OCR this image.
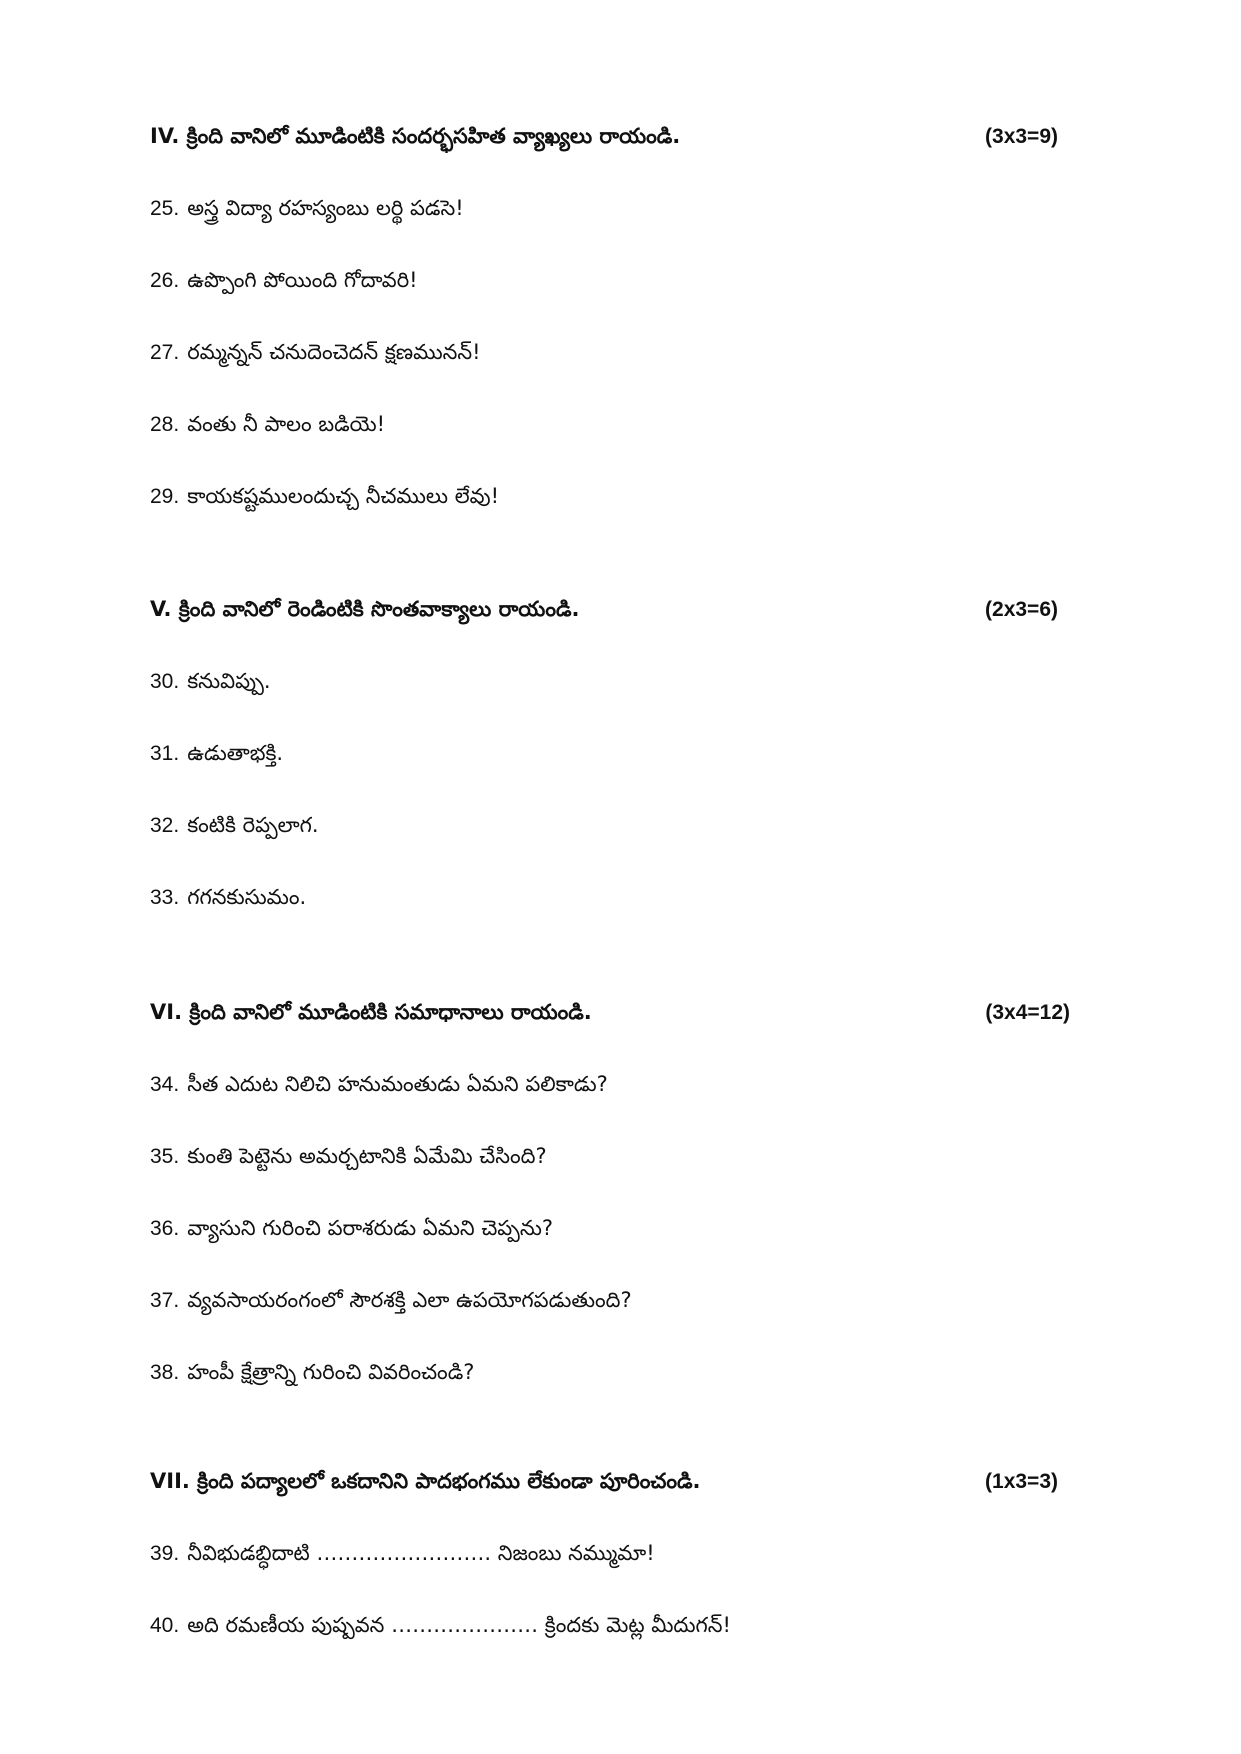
IV. క్రింది వానిలో మూడింటికి సందర్భసహిత వ్యాఖ్యలు రాయండి.	(3x3=9)
25. అస్త్ర విద్యా రహస్యంబు లర్థి పడసె!
26. ఉప్పొంగి పోయింది గోదావరి!
27. రమ్మన్నన్ చనుదెంచెదన్ క్షణమునన్!
28. వంతు నీ పాలం బడియె!
29. కాయకష్టములందుచ్చ నీచములు లేవు!
V. క్రింది వానిలో రెండింటికి సొంతవాక్యాలు రాయండి.	(2x3=6)
30. కనువిప్పు.
31. ఉడుతాభక్తి.
32. కంటికి రెప్పలాగ.
33. గగనకుసుమం.
VI. క్రింది వానిలో మూడింటికి సమాధానాలు రాయండి.	(3x4=12)
34. సీత ఎదుట నిలిచి హనుమంతుడు ఏమని పలికాడు?
35. కుంతి పెట్టెను అమర్చటానికి ఏమేమి చేసింది?
36. వ్యాసుని గురించి పరాశరుడు ఏమని చెప్పను?
37. వ్యవసాయరంగంలో సౌరశక్తి ఎలా ఉపయోగపడుతుంది?
38. హంపీ క్షేత్రాన్ని గురించి వివరించండి?
VII. క్రింది పద్యాలలో ఒకదానిని పాదభంగము లేకుండా పూరించండి.	(1x3=3)
39. నీవిభుడబ్ధిదాటి ……………………. నిజంబు నమ్ముమా!
40. అది రమణీయ పుష్పవన ………………… క్రిందకు మెట్ల మీదుగన్!
